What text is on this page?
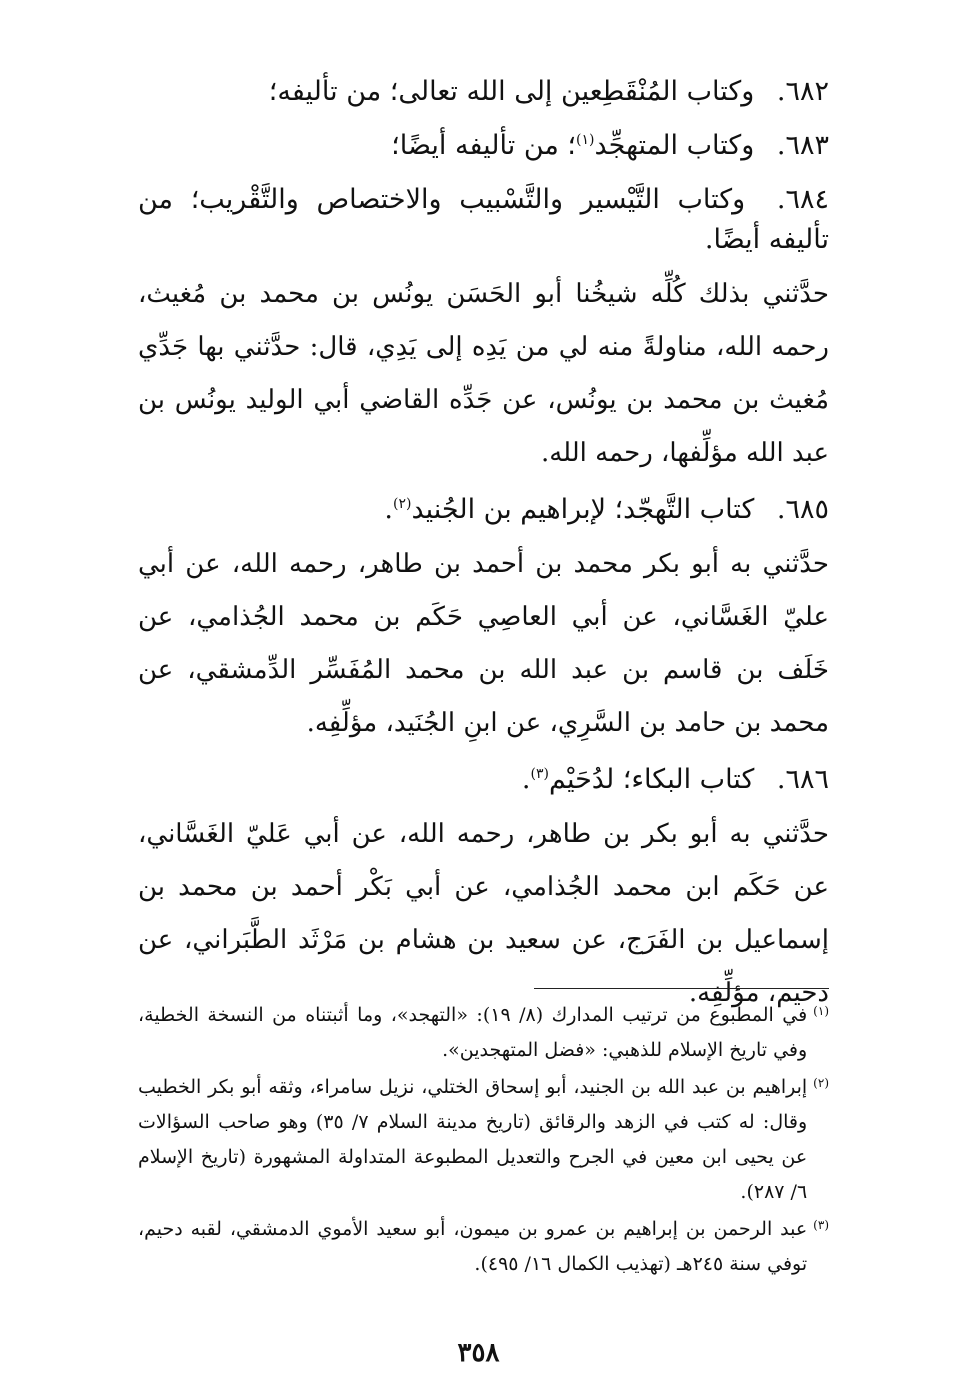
٦٨٢. وكتاب المُنْقَطِعين إلى الله تعالى؛ من تأليفه؛

٦٨٣. وكتاب المتهجِّد$^{(١)}$؛ من تأليفه أيضًا؛

٦٨٤. وكتاب التَّيْسير والتَّسْبيب والاختصاص والتَّقْريب؛ من تأليفه أيضًا.

حدَّثني بذلك كُلِّه شيخُنا أبو الحَسَن يونُس بن محمد بن مُغيث، رحمه الله، مناولةً منه لي من يَدِه إلى يَدِي، قال: حدَّثني بها جَدِّي مُغيث بن محمد بن يونُس، عن جَدِّه القاضي أبي الوليد يونُس بن عبد الله مؤلِّفها، رحمه الله.

٦٨٥. كتاب التَّهجّد؛ لإبراهيم بن الجُنيد$^{(٢)}$.

حدَّثني به أبو بكر محمد بن أحمد بن طاهر، رحمه الله، عن أبي عليّ الغَسَّاني، عن أبي العاصِي حَكَم بن محمد الجُذامي، عن خَلَف بن قاسم بن عبد الله بن محمد المُفَسِّر الدِّمشقي، عن محمد بن حامد بن السَّرِي، عن ابنِ الجُنَيد، مؤلِّفِه.

٦٨٦. كتاب البكاء؛ لدُحَيْم$^{(٣)}$.

حدَّثني به أبو بكر بن طاهر، رحمه الله، عن أبي عَليّ الغَسَّاني، عن حَكَم ابن محمد الجُذامي، عن أبي بَكْر أحمد بن محمد بن إسماعيل بن الفَرَج، عن سعيد بن هشام بن مَرْثَد الطَّبَراني، عن دحيم، مؤلِّفِه.

(١)
في المطبوع من ترتيب المدارك (٨/ ١٩): «التهجد»، وما أثبتناه من النسخة الخطية، وفي تاريخ الإسلام للذهبي: «فضل المتهجدين».
(٢)
إبراهيم بن عبد الله بن الجنيد، أبو إسحاق الختلي، نزيل سامراء، وثقه أبو بكر الخطيب وقال: له كتب في الزهد والرقائق (تاريخ مدينة السلام ٧/ ٣٥) وهو صاحب السؤالات عن يحيى ابن معين في الجرح والتعديل المطبوعة المتداولة المشهورة (تاريخ الإسلام ٦/ ٢٨٧).
(٣)
عبد الرحمن بن إبراهيم بن عمرو بن ميمون، أبو سعيد الأموي الدمشقي، لقبه دحيم، توفي سنة ٢٤٥هـ (تهذيب الكمال ١٦/ ٤٩٥).
٣٥٨
